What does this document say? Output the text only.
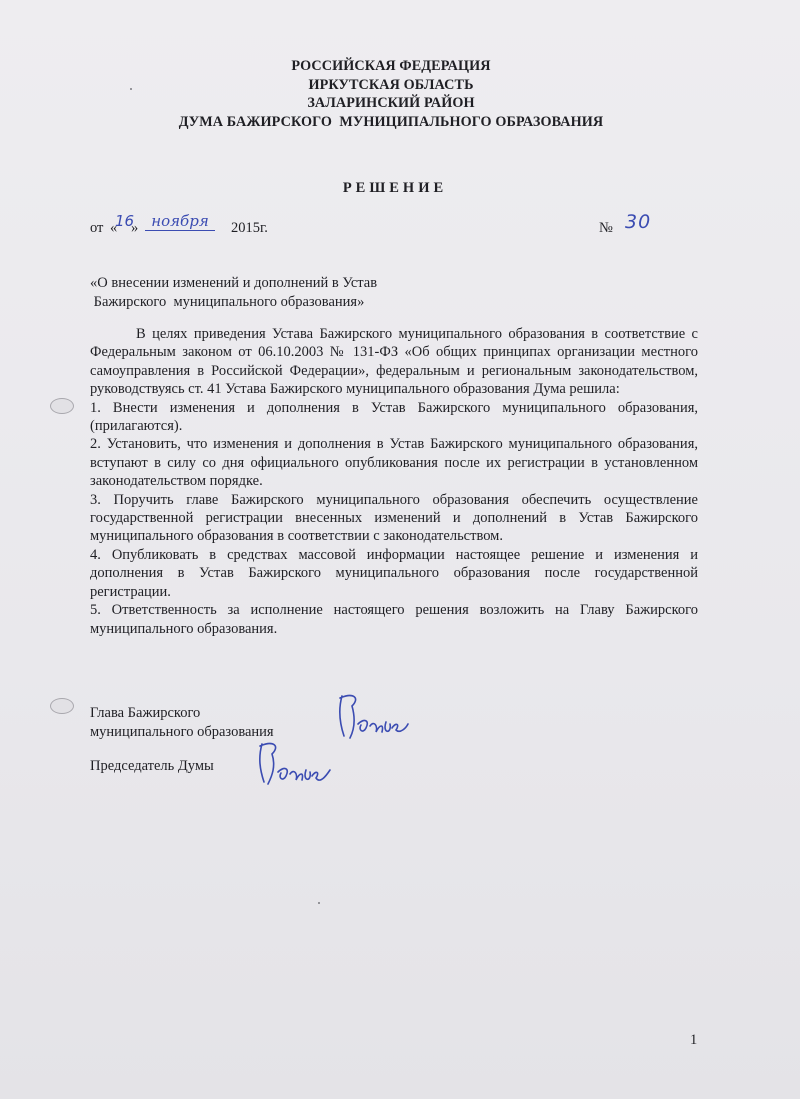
РОССИЙСКАЯ ФЕДЕРАЦИЯ
ИРКУТСКАЯ ОБЛАСТЬ
ЗАЛАРИНСКИЙ РАЙОН
ДУМА БАЖИРСКОГО  МУНИЦИПАЛЬНОГО ОБРАЗОВАНИЯ
РЕШЕНИЕ
от «
16
» ноября	2015г.	№ 30
«О внесении изменений и дополнений в Устав
Бажирского  муниципального образования»

В целях приведения Устава Бажирского муниципального образования в соответствие с Федеральным законом от 06.10.2003 № 131-ФЗ «Об общих принципах организации местного самоуправления в Российской Федерации», федеральным и региональным законодательством, руководствуясь ст. 41 Устава Бажирского муниципального образования Дума решила:

1. Внести изменения и дополнения в Устав Бажирского муниципального образования, (прилагаются).

2. Установить, что изменения и дополнения в Устав Бажирского муниципального образования, вступают в силу со дня официального опубликования после их регистрации в установленном законодательством порядке.

3. Поручить главе Бажирского муниципального образования обеспечить осуществление государственной регистрации внесенных изменений и дополнений в Устав Бажирского муниципального образования в соответствии с законодательством.

4. Опубликовать в средствах массовой информации настоящее решение и изменения и дополнения в Устав Бажирского муниципального образования после государственной регистрации.

5. Ответственность за исполнение настоящего решения возложить на Главу Бажирского муниципального образования.

Глава Бажирского
муниципального образования
Председатель Думы
1
